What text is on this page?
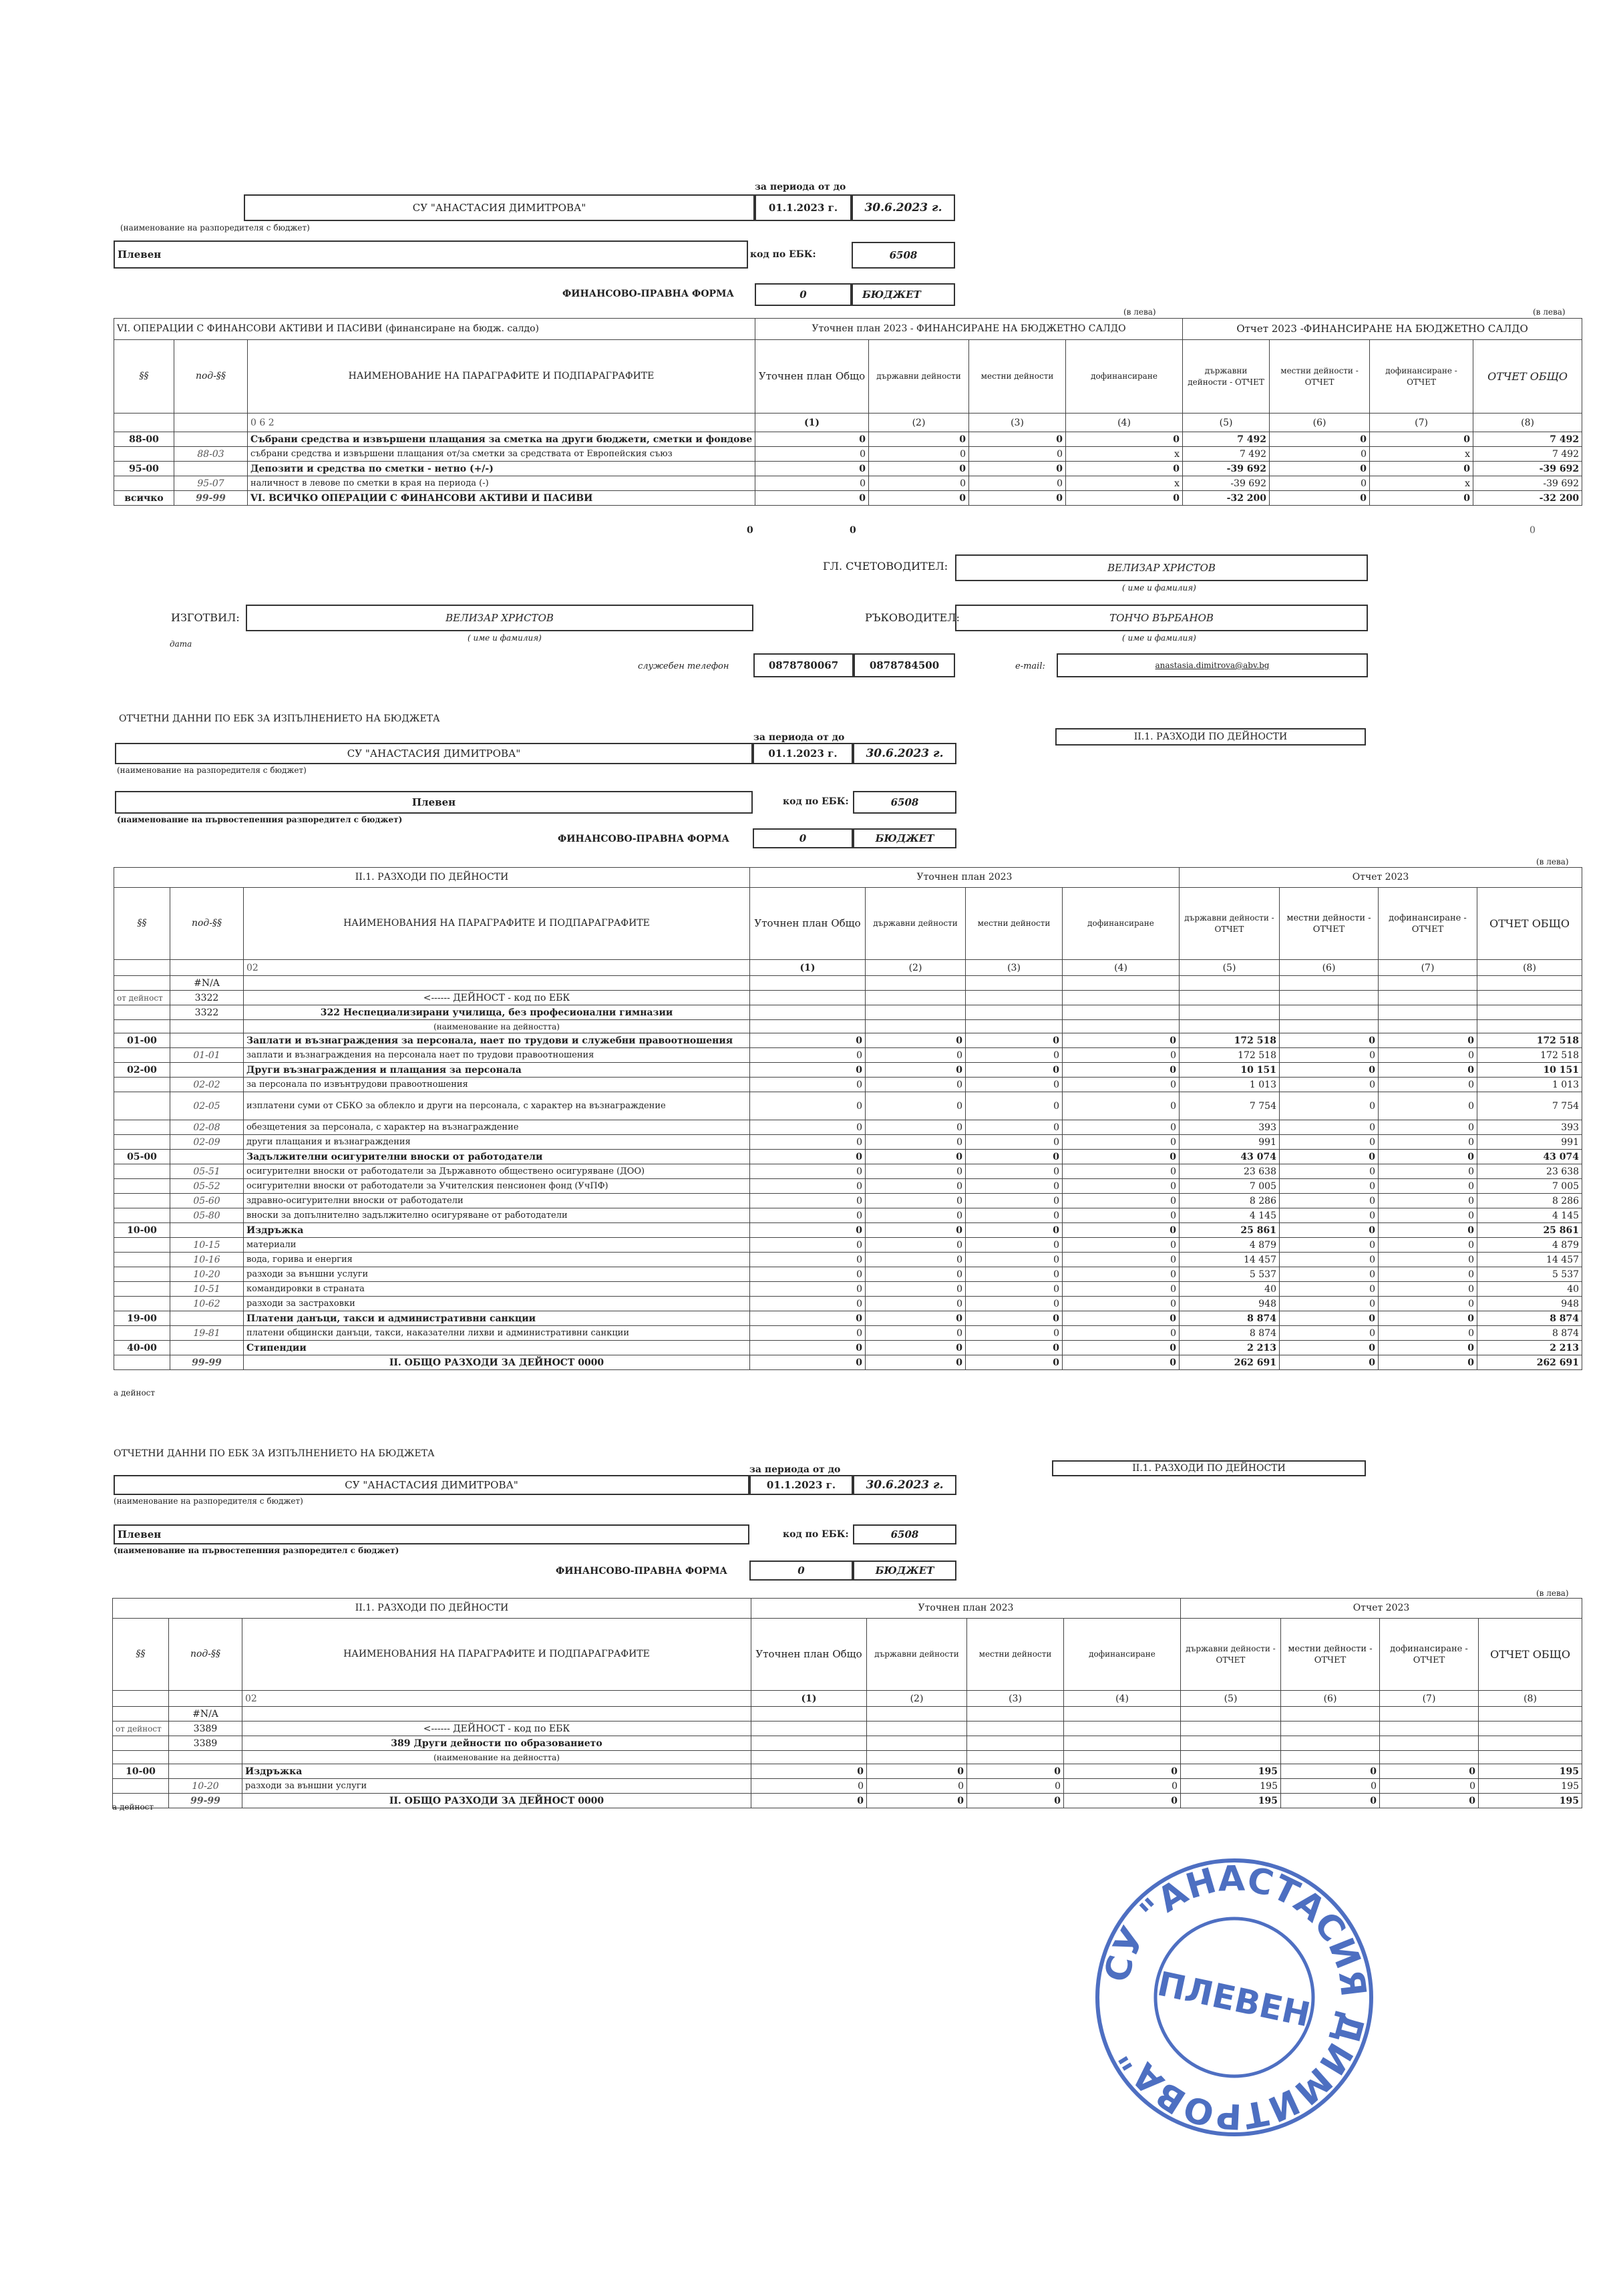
за периода от до
СУ "АНАСТАСИЯ ДИМИТРОВА"	01.1.2023 г.	30.6.2023 г.
(наименование на разпоредителя с бюджет)
Плевен	код по ЕБК:	6508
ФИНАНСОВО-ПРАВНА ФОРМА	0	БЮДЖЕТ
(в лева)	(в лева)
VI. ОПЕРАЦИИ С ФИНАНСОВИ АКТИВИ И ПАСИВИ (финансиране на бюдж. салдо)			Уточнен план 2023 - ФИНАНСИРАНЕ НА БЮДЖЕТНО САЛДО				Отчет 2023 -ФИНАНСИРАНЕ НА БЮДЖЕТНО САЛДО			
§§	под-§§	НАИМЕНОВАНИЕ НА ПАРАГРАФИТЕ И ПОДПАРАГРАФИТЕ	Уточнен план Общо	държавни дейности	местни дейности	дофинансиране	държавни дейности - ОТЧЕТ	местни дейности - ОТЧЕТ	дофинансиране - ОТЧЕТ	ОТЧЕТ ОБЩО
		0 6 2	(1)	(2)	(3)	(4)	(5)	(6)	(7)	(8)
88-00		Събрани средства и извършени плащания за сметка на други бюджети, сметки и фондове	0	0	0	0	7 492	0	0	7 492
	88-03	събрани средства и извършени плащания от/за сметки за средствата от Европейския съюз	0	0	0	x	7 492	0	x	7 492
95-00		Депозити и средства по сметки - нетно (+/-)	0	0	0	0	-39 692	0	0	-39 692
	95-07	наличност в левове по сметки в края на периода (-)	0	0	0	x	-39 692	0	x	-39 692
всичко	99-99	VI. ВСИЧКО ОПЕРАЦИИ С ФИНАНСОВИ АКТИВИ И ПАСИВИ	0	0	0	0	-32 200	0	0	-32 200
0	0	0
ГЛ. СЧЕТОВОДИТЕЛ:	ВЕЛИЗАР ХРИСТОВ
( име и фамилия)
ИЗГОТВИЛ:	ВЕЛИЗАР ХРИСТОВ	РЪКОВОДИТЕЛ:	ТОНЧО ВЪРБАНОВ
( име и фамилия)	( име и фамилия)
дата
служебен телефон	0878780067	0878784500	e-mail:	anastasia.dimitrova@abv.bg
ОТЧЕТНИ ДАННИ ПО ЕБК ЗА ИЗПЪЛНЕНИЕТО НА БЮДЖЕТА
за периода от до	II.1. РАЗХОДИ ПО ДЕЙНОСТИ
СУ "АНАСТАСИЯ ДИМИТРОВА"	01.1.2023 г.	30.6.2023 г.
(наименование на разпоредителя с бюджет)
Плевен	код по ЕБК:	6508
(наименование на първостепенния разпоредител с бюджет)
ФИНАНСОВО-ПРАВНА ФОРМА	0	БЮДЖЕТ
(в лева)
II.1. РАЗХОДИ ПО ДЕЙНОСТИ			Уточнен план 2023				Отчет 2023			
§§	под-§§	НАИМЕНОВАНИЯ НА ПАРАГРАФИТЕ И ПОДПАРАГРАФИТЕ	Уточнен план Общо	държавни дейности	местни дейности	дофинансиране	държавни дейности - ОТЧЕТ	местни дейности - ОТЧЕТ	дофинансиране - ОТЧЕТ	ОТЧЕТ ОБЩО
		02	(1)	(2)	(3)	(4)	(5)	(6)	(7)	(8)
	#N/A									
от дейност	3322	<------ ДЕЙНОСТ - код по ЕБК								
	3322	322 Неспециализирани училища, без професионални гимназии								
		(наименование на дейността)								
01-00		Заплати и възнаграждения за персонала, нает по трудови и служебни правоотношения	0	0	0	0	172 518	0	0	172 518
	01-01	заплати и възнаграждения на персонала нает по трудови правоотношения	0	0	0	0	172 518	0	0	172 518
02-00		Други възнаграждения и плащания за персонала	0	0	0	0	10 151	0	0	10 151
	02-02	за персонала по извънтрудови правоотношения	0	0	0	0	1 013	0	0	1 013
	02-05	изплатени суми от СБКО за облекло и други на персонала, с характер на възнаграждение	0	0	0	0	7 754	0	0	7 754
	02-08	обезщетения за персонала, с характер на възнаграждение	0	0	0	0	393	0	0	393
	02-09	други плащания и възнаграждения	0	0	0	0	991	0	0	991
05-00		Задължителни осигурителни вноски от работодатели	0	0	0	0	43 074	0	0	43 074
	05-51	осигурителни вноски от работодатели за Държавното обществено осигуряване (ДОО)	0	0	0	0	23 638	0	0	23 638
	05-52	осигурителни вноски от работодатели за Учителския пенсионен фонд (УчПФ)	0	0	0	0	7 005	0	0	7 005
	05-60	здравно-осигурителни вноски от работодатели	0	0	0	0	8 286	0	0	8 286
	05-80	вноски за допълнително задължително осигуряване от работодатели	0	0	0	0	4 145	0	0	4 145
10-00		Издръжка	0	0	0	0	25 861	0	0	25 861
	10-15	материали	0	0	0	0	4 879	0	0	4 879
	10-16	вода, горива и енергия	0	0	0	0	14 457	0	0	14 457
	10-20	разходи за външни услуги	0	0	0	0	5 537	0	0	5 537
	10-51	командировки в страната	0	0	0	0	40	0	0	40
	10-62	разходи за застраховки	0	0	0	0	948	0	0	948
19-00		Платени данъци, такси и административни санкции	0	0	0	0	8 874	0	0	8 874
	19-81	платени общински данъци, такси, наказателни лихви и административни санкции	0	0	0	0	8 874	0	0	8 874
40-00		Стипендии	0	0	0	0	2 213	0	0	2 213
	99-99	II. ОБЩО РАЗХОДИ ЗА ДЕЙНОСТ 0000	0	0	0	0	262 691	0	0	262 691
а дейност
ОТЧЕТНИ ДАННИ ПО ЕБК ЗА ИЗПЪЛНЕНИЕТО НА БЮДЖЕТА
за периода от до	II.1. РАЗХОДИ ПО ДЕЙНОСТИ
СУ "АНАСТАСИЯ ДИМИТРОВА"	01.1.2023 г.	30.6.2023 г.
(наименование на разпоредителя с бюджет)
Плевен	код по ЕБК:	6508
(наименование на първостепенния разпоредител с бюджет)
ФИНАНСОВО-ПРАВНА ФОРМА	0	БЮДЖЕТ
(в лева)
II.1. РАЗХОДИ ПО ДЕЙНОСТИ			Уточнен план 2023				Отчет 2023			
§§	под-§§	НАИМЕНОВАНИЯ НА ПАРАГРАФИТЕ И ПОДПАРАГРАФИТЕ	Уточнен план Общо	държавни дейности	местни дейности	дофинансиране	държавни дейности - ОТЧЕТ	местни дейности - ОТЧЕТ	дофинансиране - ОТЧЕТ	ОТЧЕТ ОБЩО
		02	(1)	(2)	(3)	(4)	(5)	(6)	(7)	(8)
	#N/A									
от дейност	3389	<------ ДЕЙНОСТ - код по ЕБК								
	3389	389 Други дейности по образованието								
		(наименование на дейността)								
10-00		Издръжка	0	0	0	0	195	0	0	195
	10-20	разходи за външни услуги	0	0	0	0	195	0	0	195
	99-99	II. ОБЩО РАЗХОДИ ЗА ДЕЙНОСТ 0000	0	0	0	0	195	0	0	195
а дейност
СУ "АНАСТАСИЯ ДИМИТРОВА"
ПЛЕВЕН
